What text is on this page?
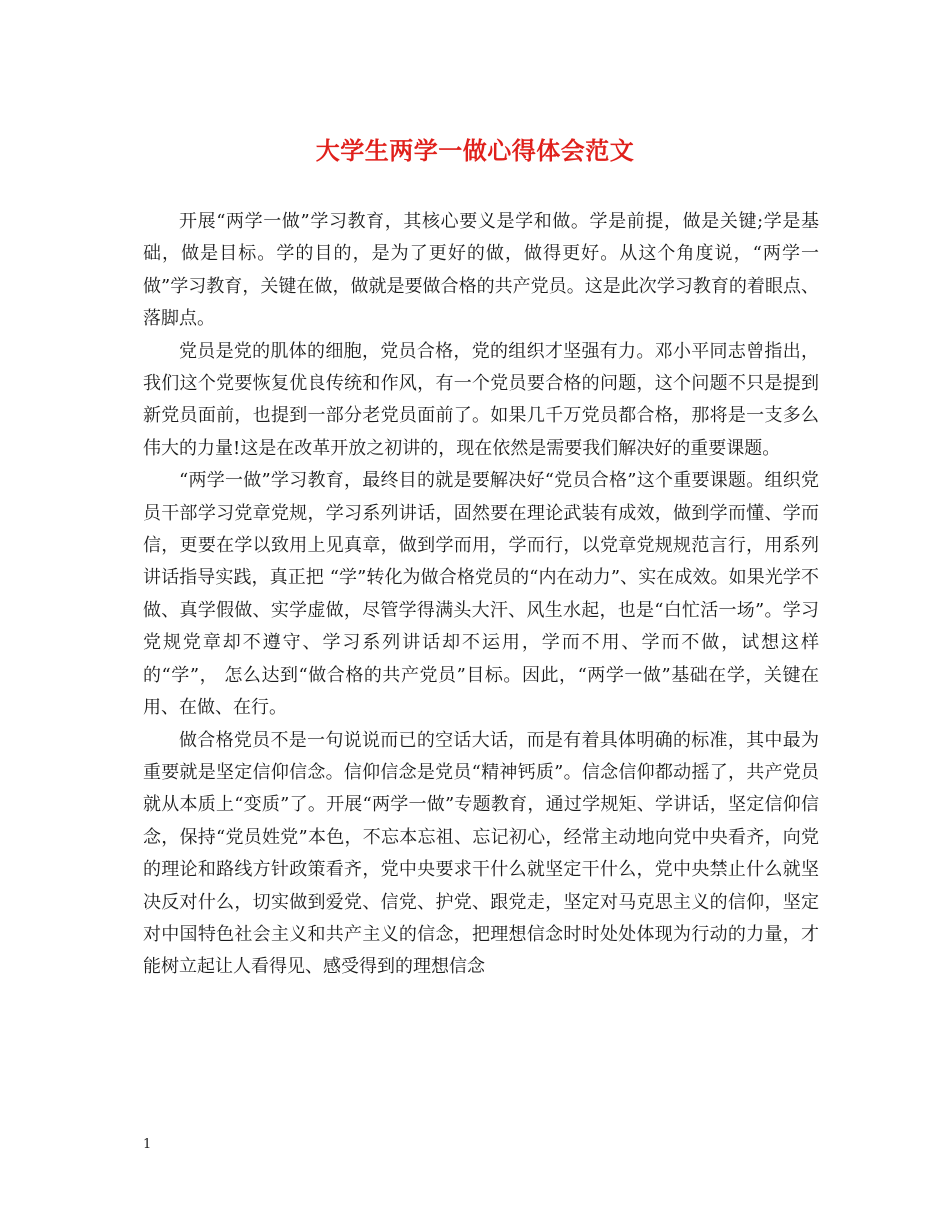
大学生两学一做心得体会范文

开展“两学一做”学习教育，其核心要义是学和做。学是前提，做是关键;学是基础，做是目标。学的目的，是为了更好的做，做得更好。从这个角度说，“两学一做”学习教育，关键在做，做就是要做合格的共产党员。这是此次学习教育的着眼点、落脚点。

党员是党的肌体的细胞，党员合格，党的组织才坚强有力。邓小平同志曾指出，我们这个党要恢复优良传统和作风，有一个党员要合格的问题，这个问题不只是提到新党员面前，也提到一部分老党员面前了。如果几千万党员都合格，那将是一支多么伟大的力量!这是在改革开放之初讲的，现在依然是需要我们解决好的重要课题。

“两学一做”学习教育，最终目的就是要解决好“党员合格”这个重要课题。组织党员干部学习党章党规，学习系列讲话，固然要在理论武装有成效，做到学而懂、学而信，更要在学以致用上见真章，做到学而用，学而行，以党章党规规范言行，用系列讲话指导实践，真正把 “学”转化为做合格党员的“内在动力”、实在成效。如果光学不做、真学假做、实学虚做，尽管学得满头大汗、风生水起，也是“白忙活一场”。学习党规党章却不遵守、学习系列讲话却不运用，学而不用、学而不做，试想这样的“学”， 怎么达到“做合格的共产党员”目标。因此，“两学一做”基础在学，关键在用、在做、在行。

做合格党员不是一句说说而已的空话大话，而是有着具体明确的标准，其中最为重要就是坚定信仰信念。信仰信念是党员“精神钙质”。信念信仰都动摇了，共产党员就从本质上“变质”了。开展“两学一做”专题教育，通过学规矩、学讲话，坚定信仰信念，保持“党员姓党”本色，不忘本忘祖、忘记初心，经常主动地向党中央看齐，向党的理论和路线方针政策看齐，党中央要求干什么就坚定干什么，党中央禁止什么就坚决反对什么，切实做到爱党、信党、护党、跟党走，坚定对马克思主义的信仰，坚定对中国特色社会主义和共产主义的信念，把理想信念时时处处体现为行动的力量，才能树立起让人看得见、感受得到的理想信念

1
